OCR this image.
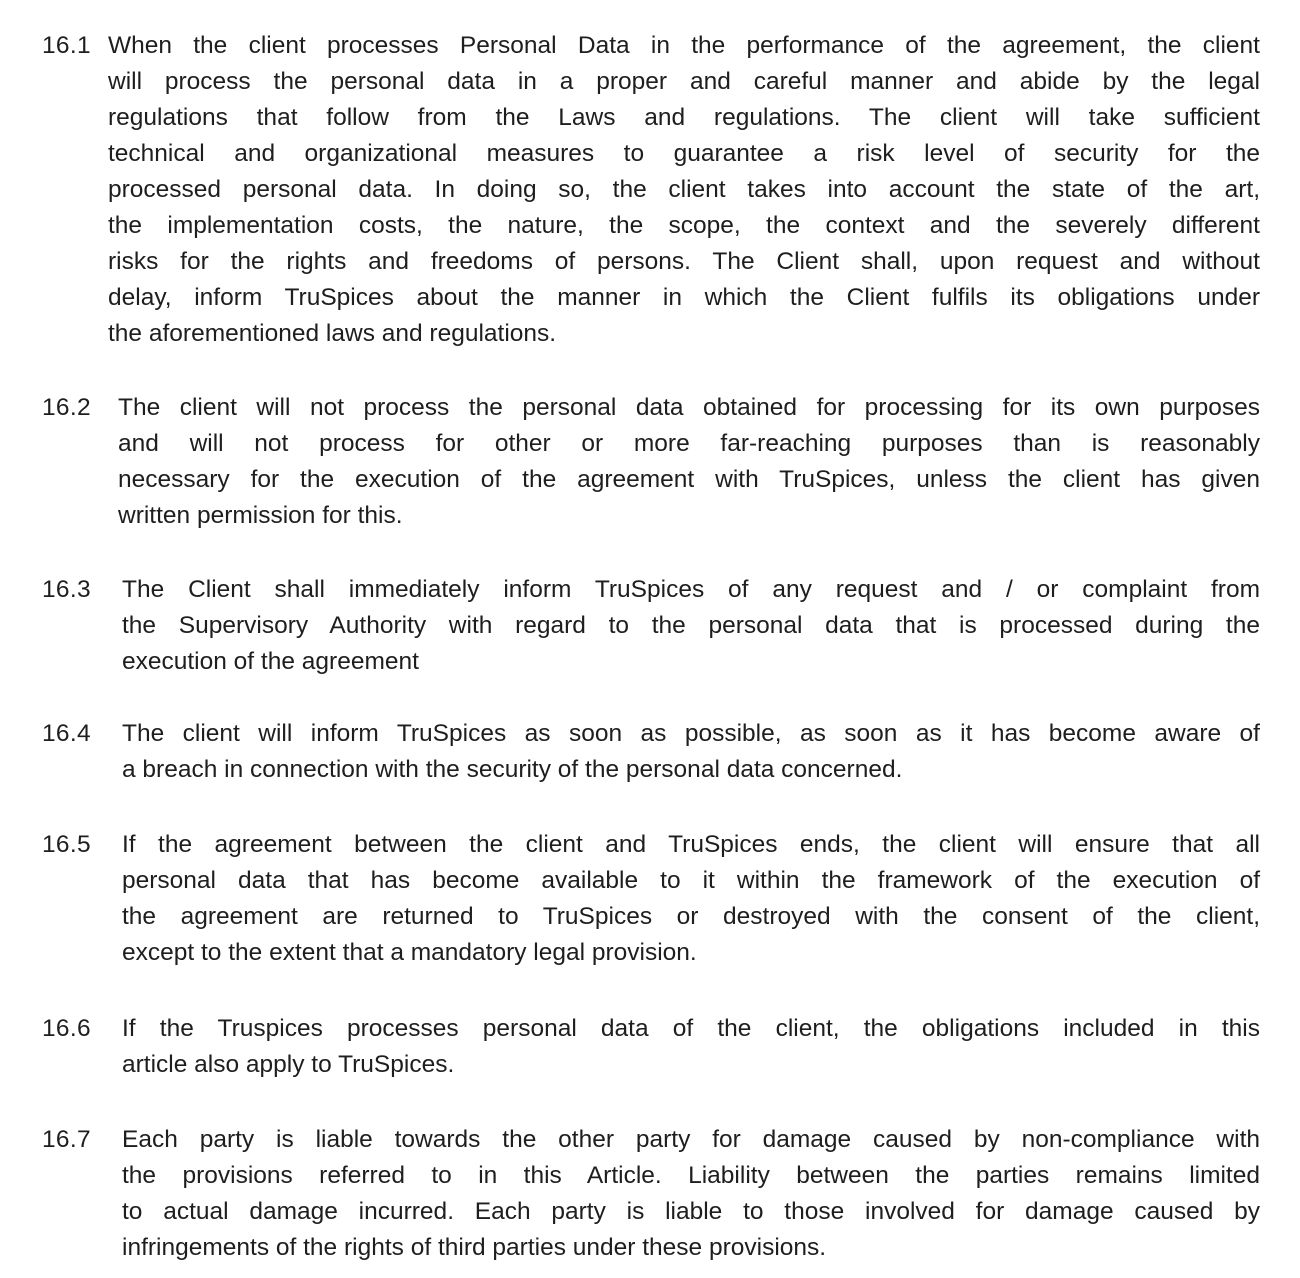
16.1 When the client processes Personal Data in the performance of the agreement, the client
will process the personal data in a proper and careful manner and abide by the legal
regulations that follow from the Laws and regulations. The client will take sufficient
technical and organizational measures to guarantee a risk level of security for the
processed personal data. In doing so, the client takes into account the state of the art,
the implementation costs, the nature, the scope, the context and the severely different
risks for the rights and freedoms of persons. The Client shall, upon request and without
delay, inform TruSpices about the manner in which the Client fulfils its obligations under
the aforementioned laws and regulations.
16.2 The client will not process the personal data obtained for processing for its own purposes
and will not process for other or more far-reaching purposes than is reasonably
necessary for the execution of the agreement with TruSpices, unless the client has given
written permission for this.
16.3 The Client shall immediately inform TruSpices of any request and / or complaint from
the Supervisory Authority with regard to the personal data that is processed during the
execution of the agreement
16.4 The client will inform TruSpices as soon as possible, as soon as it has become aware of
a breach in connection with the security of the personal data concerned.
16.5 If the agreement between the client and TruSpices ends, the client will ensure that all
personal data that has become available to it within the framework of the execution of
the agreement are returned to TruSpices or destroyed with the consent of the client,
except to the extent that a mandatory legal provision.
16.6 If the Truspices processes personal data of the client, the obligations included in this
article also apply to TruSpices.
16.7 Each party is liable towards the other party for damage caused by non-compliance with
the provisions referred to in this Article. Liability between the parties remains limited
to actual damage incurred. Each party is liable to those involved for damage caused by
infringements of the rights of third parties under these provisions.
